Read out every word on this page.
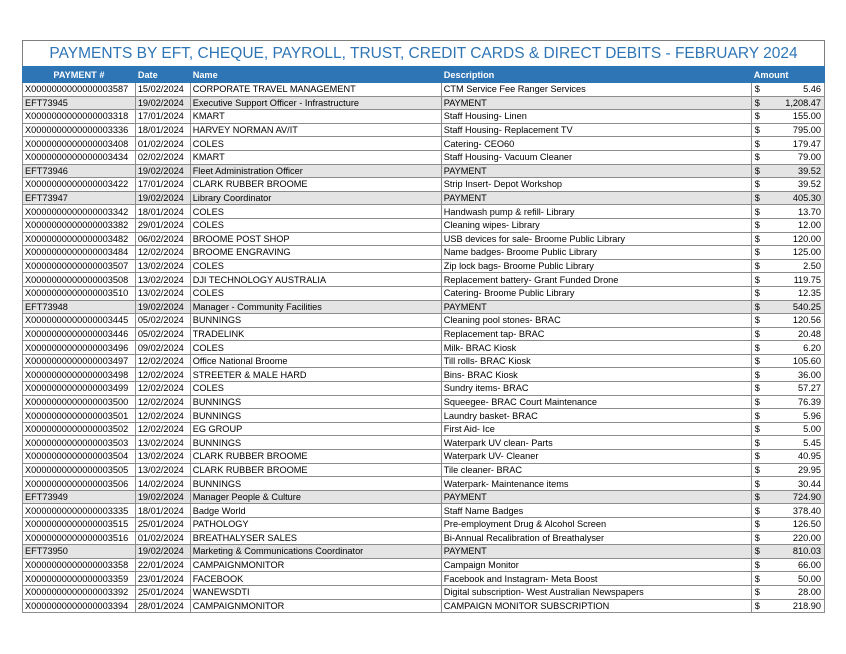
PAYMENTS BY EFT, CHEQUE, PAYROLL, TRUST, CREDIT CARDS & DIRECT DEBITS - FEBRUARY 2024
PAYMENT #	Date	Name	Description	Amount	
X0000000000000003587	15/02/2024	CORPORATE TRAVEL MANAGEMENT	CTM Service Fee Ranger Services	$	5.46
EFT73945	19/02/2024	Executive Support Officer - Infrastructure	PAYMENT	$	1,208.47
X0000000000000003318	17/01/2024	KMART	Staff Housing- Linen	$	155.00
X0000000000000003336	18/01/2024	HARVEY NORMAN AV/IT	Staff Housing- Replacement TV	$	795.00
X0000000000000003408	01/02/2024	COLES	Catering- CEO60	$	179.47
X0000000000000003434	02/02/2024	KMART	Staff Housing- Vacuum Cleaner	$	79.00
EFT73946	19/02/2024	Fleet Administration Officer	PAYMENT	$	39.52
X0000000000000003422	17/01/2024	CLARK RUBBER BROOME	Strip Insert- Depot Workshop	$	39.52
EFT73947	19/02/2024	Library Coordinator	PAYMENT	$	405.30
X0000000000000003342	18/01/2024	COLES	Handwash pump & refill- Library	$	13.70
X0000000000000003382	29/01/2024	COLES	Cleaning wipes- Library	$	12.00
X0000000000000003482	06/02/2024	BROOME POST SHOP	USB devices for sale- Broome Public Library	$	120.00
X0000000000000003484	12/02/2024	BROOME ENGRAVING	Name badges- Broome Public Library	$	125.00
X0000000000000003507	13/02/2024	COLES	Zip lock bags- Broome Public Library	$	2.50
X0000000000000003508	13/02/2024	DJI TECHNOLOGY AUSTRALIA	Replacement battery- Grant Funded Drone	$	119.75
X0000000000000003510	13/02/2024	COLES	Catering- Broome Public Library	$	12.35
EFT73948	19/02/2024	Manager - Community Facilities	PAYMENT	$	540.25
X0000000000000003445	05/02/2024	BUNNINGS	Cleaning pool stones- BRAC	$	120.56
X0000000000000003446	05/02/2024	TRADELINK	Replacement tap- BRAC	$	20.48
X0000000000000003496	09/02/2024	COLES	Milk- BRAC Kiosk	$	6.20
X0000000000000003497	12/02/2024	Office National Broome	Till rolls- BRAC Kiosk	$	105.60
X0000000000000003498	12/02/2024	STREETER & MALE HARD	Bins- BRAC Kiosk	$	36.00
X0000000000000003499	12/02/2024	COLES	Sundry items- BRAC	$	57.27
X0000000000000003500	12/02/2024	BUNNINGS	Squeegee- BRAC Court Maintenance	$	76.39
X0000000000000003501	12/02/2024	BUNNINGS	Laundry basket- BRAC	$	5.96
X0000000000000003502	12/02/2024	EG GROUP	First Aid- Ice	$	5.00
X0000000000000003503	13/02/2024	BUNNINGS	Waterpark UV clean- Parts	$	5.45
X0000000000000003504	13/02/2024	CLARK RUBBER BROOME	Waterpark UV- Cleaner	$	40.95
X0000000000000003505	13/02/2024	CLARK RUBBER BROOME	Tile cleaner- BRAC	$	29.95
X0000000000000003506	14/02/2024	BUNNINGS	Waterpark- Maintenance items	$	30.44
EFT73949	19/02/2024	Manager People & Culture	PAYMENT	$	724.90
X0000000000000003335	18/01/2024	Badge World	Staff Name Badges	$	378.40
X0000000000000003515	25/01/2024	PATHOLOGY	Pre-employment Drug & Alcohol Screen	$	126.50
X0000000000000003516	01/02/2024	BREATHALYSER SALES	Bi-Annual Recalibration of Breathalyser	$	220.00
EFT73950	19/02/2024	Marketing & Communications Coordinator	PAYMENT	$	810.03
X0000000000000003358	22/01/2024	CAMPAIGNMONITOR	Campaign Monitor	$	66.00
X0000000000000003359	23/01/2024	FACEBOOK	Facebook and Instagram- Meta Boost	$	50.00
X0000000000000003392	25/01/2024	WANEWSDTI	Digital subscription- West Australian Newspapers	$	28.00
X0000000000000003394	28/01/2024	CAMPAIGNMONITOR	CAMPAIGN MONITOR SUBSCRIPTION	$	218.90
